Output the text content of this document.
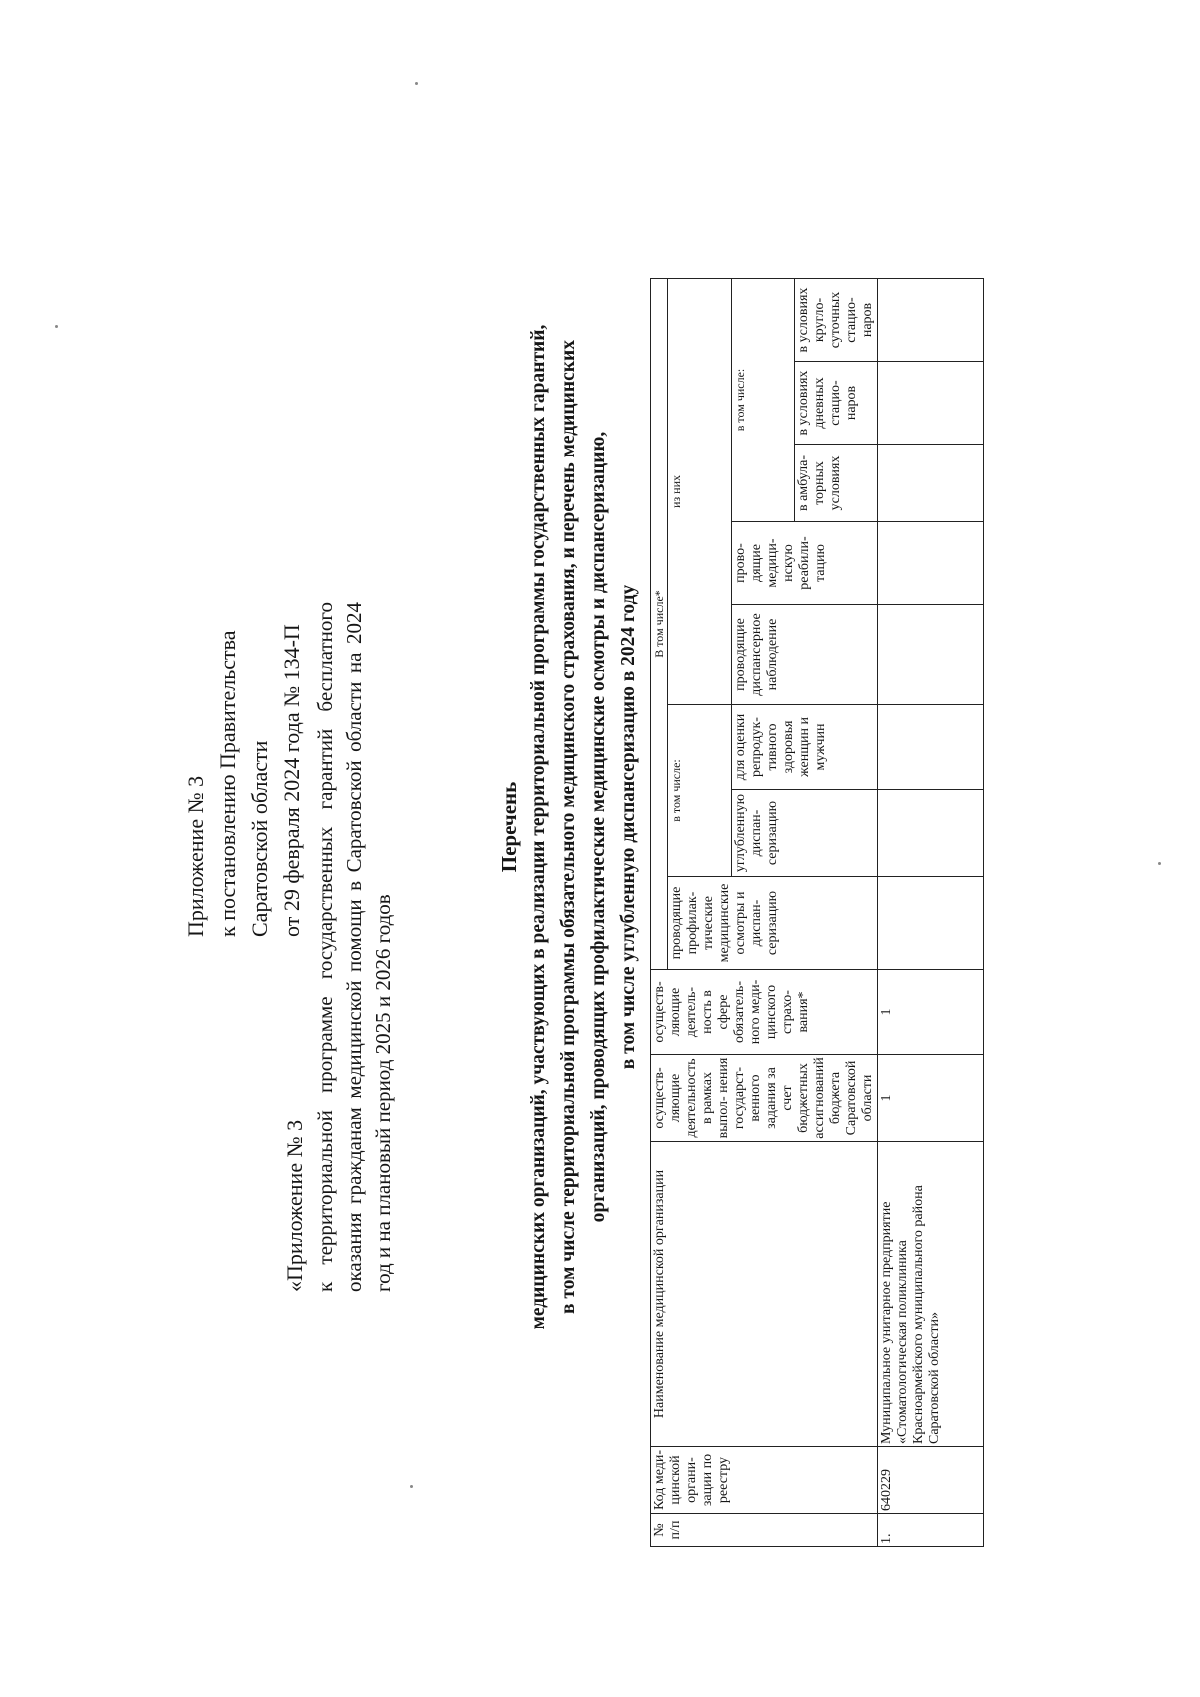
Приложение № 3 к постановлению Правительства Саратовской области от 29 февраля 2024 года № 134-П
«Приложение № 3 к территориальной программе государственных гарантий бесплатного оказания гражданам медицинской помощи в Саратовской области на 2024 год и на плановый период 2025 и 2026 годов
Перечень медицинских организаций, участвующих в реализации территориальной программы государственных гарантий, в том числе территориальной программы обязательного медицинского страхования, и перечень медицинских организаций, проводящих профилактические медицинские осмотры и диспансеризацию, в том числе углубленную диспансеризацию в 2024 году
№ п/п	Код меди- цинской органи- зации по реестру	Наименование медицинской организации	осуществ- ляющие деятельность в рамках выпол- нения государст- венного задания за счет бюджетных ассигнований бюджета Саратовской области	осуществ- ляющие деятель- ность в сфере обязатель- ного меди- цинского страхо- вания*	В том числе*							
					проводящие профилак- тические медицинские осмотры и диспан- серизацию	в том числе:		из них				
						углубленную диспан- серизацию	для оценки репродук- тивного здоровья женщин и мужчин	проводящие диспансерное наблюдение	прово- дящие медици- нскую реабили- тацию	в том числе:		
										в амбула- торных условиях	в условиях дневных стацио- наров	в условиях кругло- суточных стацио- наров
1.	640229	Муниципальное унитарное предприятие «Стоматологическая поликлиника Красноармейского муниципального района Саратовской области»	1	1								
